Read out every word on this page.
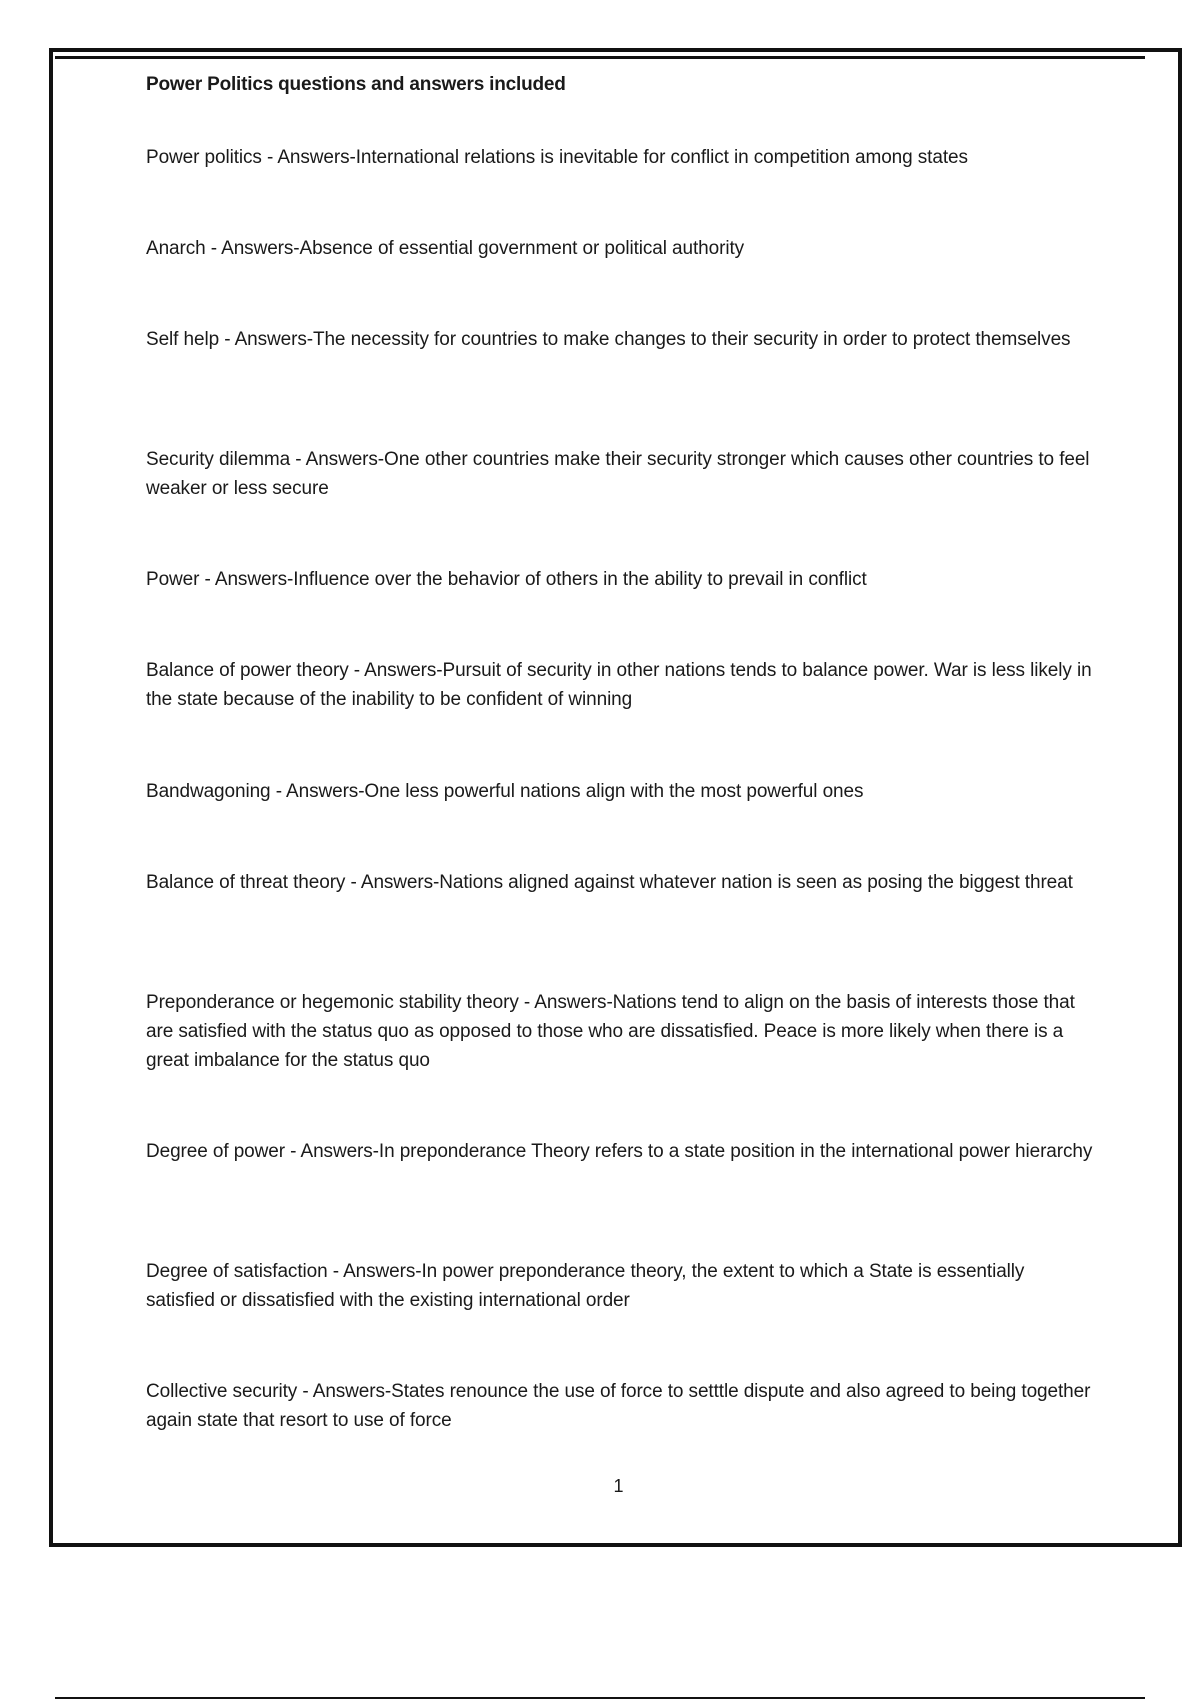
Power Politics questions and answers included
Power politics - Answers-International relations is inevitable for conflict in competition among states
Anarch - Answers-Absence of essential government or political authority
Self help - Answers-The necessity for countries to make changes to their security in order to protect themselves
Security dilemma - Answers-One other countries make their security stronger which causes other countries to feel weaker or less secure
Power - Answers-Influence over the behavior of others in the ability to prevail in conflict
Balance of power theory - Answers-Pursuit of security in other nations tends to balance power. War is less likely in the state because of the inability to be confident of winning
Bandwagoning - Answers-One less powerful nations align with the most powerful ones
Balance of threat theory - Answers-Nations aligned against whatever nation is seen as posing the biggest threat
Preponderance or hegemonic stability theory - Answers-Nations tend to align on the basis of interests those that are satisfied with the status quo as opposed to those who are dissatisfied. Peace is more likely when there is a great imbalance for the status quo
Degree of power - Answers-In preponderance Theory refers to a state position in the international power hierarchy
Degree of satisfaction - Answers-In power preponderance theory, the extent to which a State is essentially satisfied or dissatisfied with the existing international order
Collective security - Answers-States renounce the use of force to setttle dispute and also agreed to being together again state that resort to use of force
1
